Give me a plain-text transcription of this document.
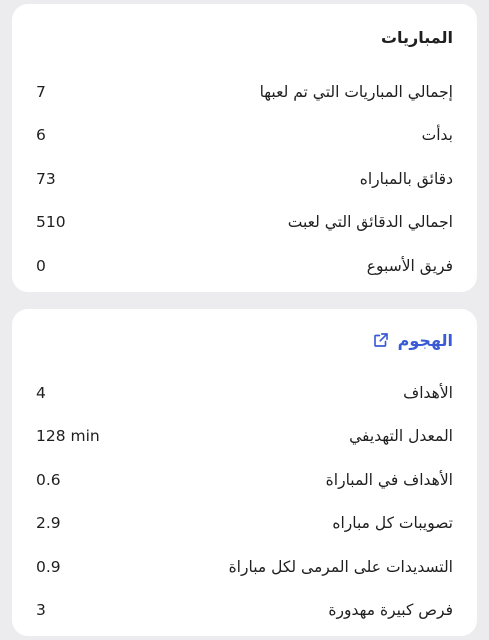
المباريات
إجمالي المباريات التي تم لعبها
7
بدأت
6
دقائق بالمباراه
73
اجمالي الدقائق التي لعبت
510
فريق الأسبوع
0
الهجوم
الأهداف
4
المعدل التهديفي
128 min
الأهداف في المباراة
0.6
تصويبات كل مباراه
2.9
التسديدات على المرمى لكل مباراة
0.9
فرص كبيرة مهدورة
3
